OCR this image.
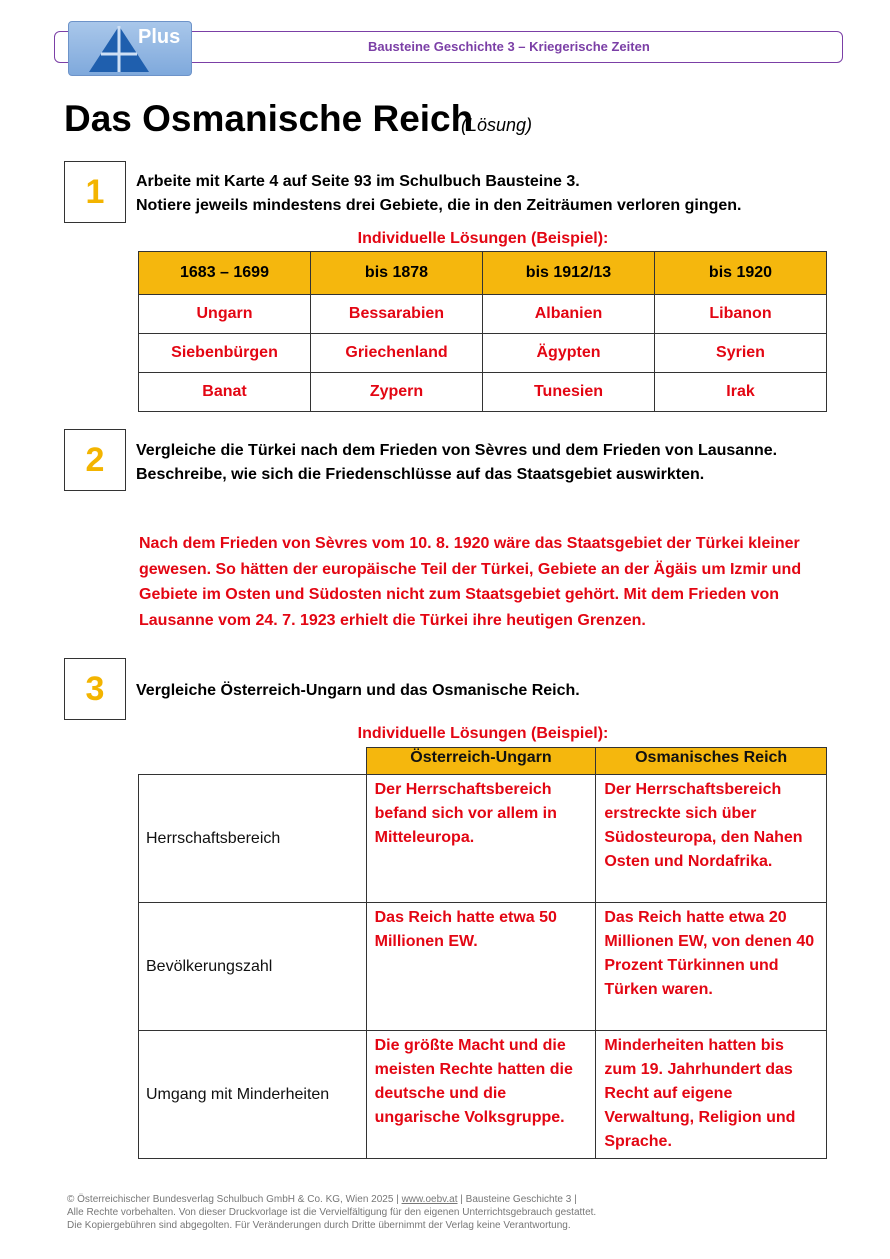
Plus	Bausteine Geschichte 3 – Kriegerische Zeiten
Das Osmanische Reich
(Lösung)
1	Arbeite mit Karte 4 auf Seite 93 im Schulbuch Bausteine 3.
Notiere jeweils mindestens drei Gebiete, die in den Zeiträumen verloren gingen.
Individuelle Lösungen (Beispiel):
1683 – 1699	bis 1878	bis 1912/13	bis 1920
Ungarn	Bessarabien	Albanien	Libanon
Siebenbürgen	Griechenland	Ägypten	Syrien
Banat	Zypern	Tunesien	Irak
2	Vergleiche die Türkei nach dem Frieden von Sèvres und dem Frieden von Lausanne.
Beschreibe, wie sich die Friedenschlüsse auf das Staatsgebiet auswirkten.
Nach dem Frieden von Sèvres vom 10. 8. 1920 wäre das Staatsgebiet der Türkei kleiner gewesen. So hätten der europäische Teil der Türkei, Gebiete an der Ägäis um Izmir und Gebiete im Osten und Südosten nicht zum Staatsgebiet gehört. Mit dem Frieden von Lausanne vom 24. 7. 1923 erhielt die Türkei ihre heutigen Grenzen.
3	Vergleiche Österreich-Ungarn und das Osmanische Reich.
Individuelle Lösungen (Beispiel):
	Österreich-Ungarn	Osmanisches Reich
Herrschaftsbereich	Der Herrschaftsbereich befand sich vor allem in Mitteleuropa.	Der Herrschaftsbereich erstreckte sich über Südosteuropa, den Nahen Osten und Nordafrika.
Bevölkerungszahl	Das Reich hatte etwa 50 Millionen EW.	Das Reich hatte etwa 20 Millionen EW, von denen 40 Prozent Türkinnen und Türken waren.
Umgang mit Minderheiten	Die größte Macht und die meisten Rechte hatten die deutsche und die ungarische Volksgruppe.	Minderheiten hatten bis zum 19. Jahrhundert das Recht auf eigene Verwaltung, Religion und Sprache.
© Österreichischer Bundesverlag Schulbuch GmbH & Co. KG, Wien 2025 | www.oebv.at | Bausteine Geschichte 3 |
Alle Rechte vorbehalten. Von dieser Druckvorlage ist die Vervielfältigung für den eigenen Unterrichtsgebrauch gestattet.
Die Kopiergebühren sind abgegolten. Für Veränderungen durch Dritte übernimmt der Verlag keine Verantwortung.
